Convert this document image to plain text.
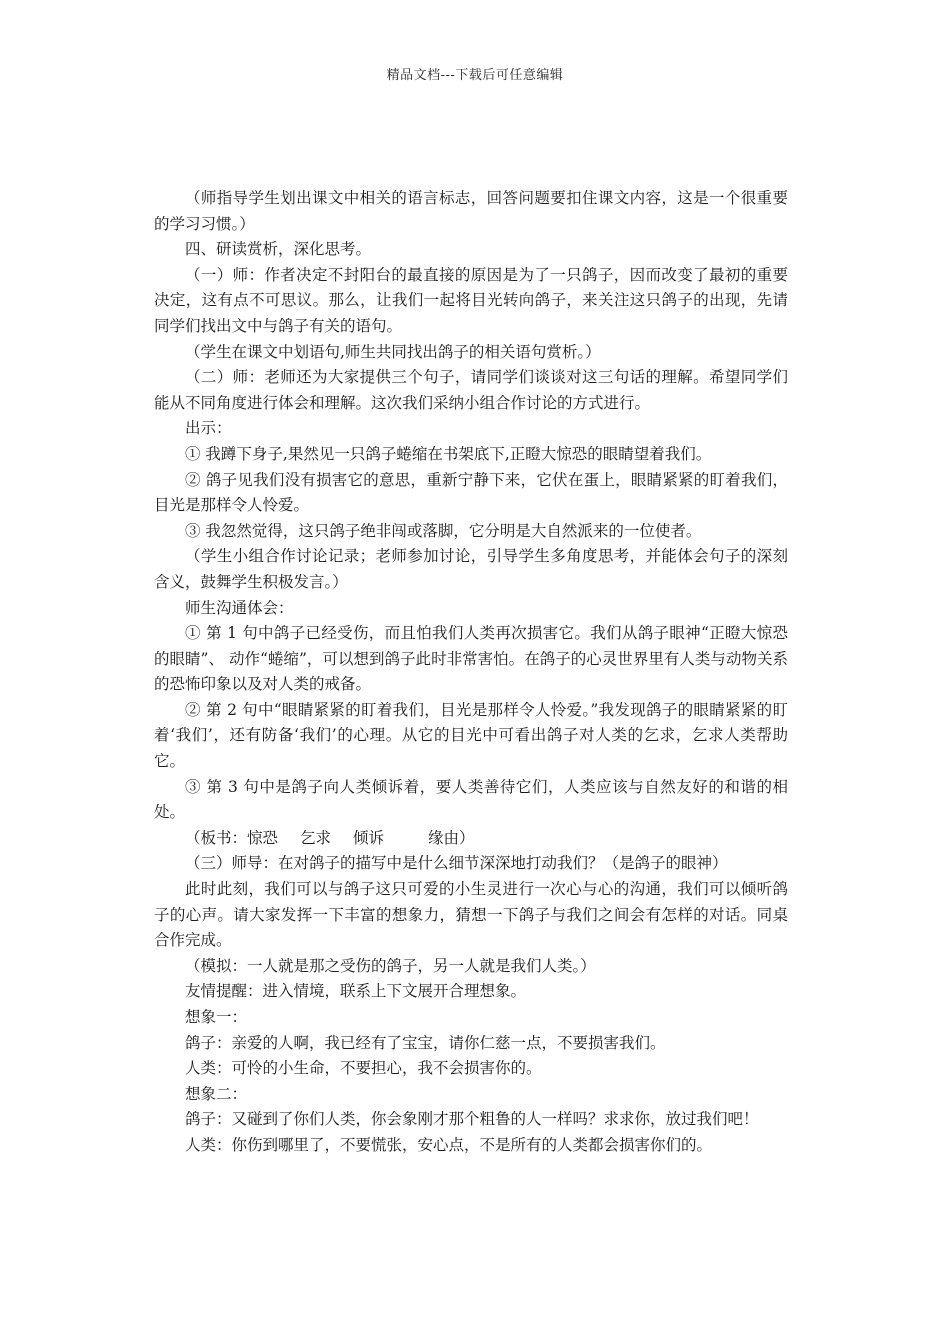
精品文档---下载后可任意编辑

（师指导学生划出课文中相关的语言标志，回答问题要扣住课文内容，这是一个很重要的学习习惯。）

四、研读赏析，深化思考。

（一）师：作者决定不封阳台的最直接的原因是为了一只鸽子，因而改变了最初的重要决定，这有点不可思议。那么，让我们一起将目光转向鸽子，来关注这只鸽子的出现，先请同学们找出文中与鸽子有关的语句。

（学生在课文中划语句,师生共同找出鸽子的相关语句赏析。）

（二）师：老师还为大家提供三个句子，请同学们谈谈对这三句话的理解。希望同学们能从不同角度进行体会和理解。这次我们采纳小组合作讨论的方式进行。

出示：

① 我蹲下身子,果然见一只鸽子蜷缩在书架底下,正瞪大惊恐的眼睛望着我们。

② 鸽子见我们没有损害它的意思，重新宁静下来，它伏在蛋上，眼睛紧紧的盯着我们，目光是那样令人怜爱。

③ 我忽然觉得，这只鸽子绝非闯或落脚，它分明是大自然派来的一位使者。

（学生小组合作讨论记录；老师参加讨论，引导学生多角度思考，并能体会句子的深刻含义，鼓舞学生积极发言。）

师生沟通体会：

① 第 1 句中鸽子已经受伤，而且怕我们人类再次损害它。我们从鸽子眼神“正瞪大惊恐的眼睛”、 动作“蜷缩”，可以想到鸽子此时非常害怕。在鸽子的心灵世界里有人类与动物关系的恐怖印象以及对人类的戒备。

② 第 2 句中“眼睛紧紧的盯着我们，目光是那样令人怜爱。”我发现鸽子的眼睛紧紧的盯着‘我们’，还有防备‘我们’的心理。从它的目光中可看出鸽子对人类的乞求，乞求人类帮助它。

③ 第 3 句中是鸽子向人类倾诉着，要人类善待它们，人类应该与自然友好的和谐的相处。

（板书：惊恐 乞求 倾诉	缘由）

（三）师导：在对鸽子的描写中是什么细节深深地打动我们？（是鸽子的眼神）

此时此刻，我们可以与鸽子这只可爱的小生灵进行一次心与心的沟通，我们可以倾听鸽子的心声。请大家发挥一下丰富的想象力，猜想一下鸽子与我们之间会有怎样的对话。同桌合作完成。

（模拟：一人就是那之受伤的鸽子，另一人就是我们人类。）

友情提醒：进入情境，联系上下文展开合理想象。

想象一：

鸽子：亲爱的人啊，我已经有了宝宝，请你仁慈一点，不要损害我们。

人类：可怜的小生命，不要担心，我不会损害你的。

想象二：

鸽子：又碰到了你们人类，你会象刚才那个粗鲁的人一样吗？求求你，放过我们吧！

人类：你伤到哪里了，不要慌张，安心点，不是所有的人类都会损害你们的。
